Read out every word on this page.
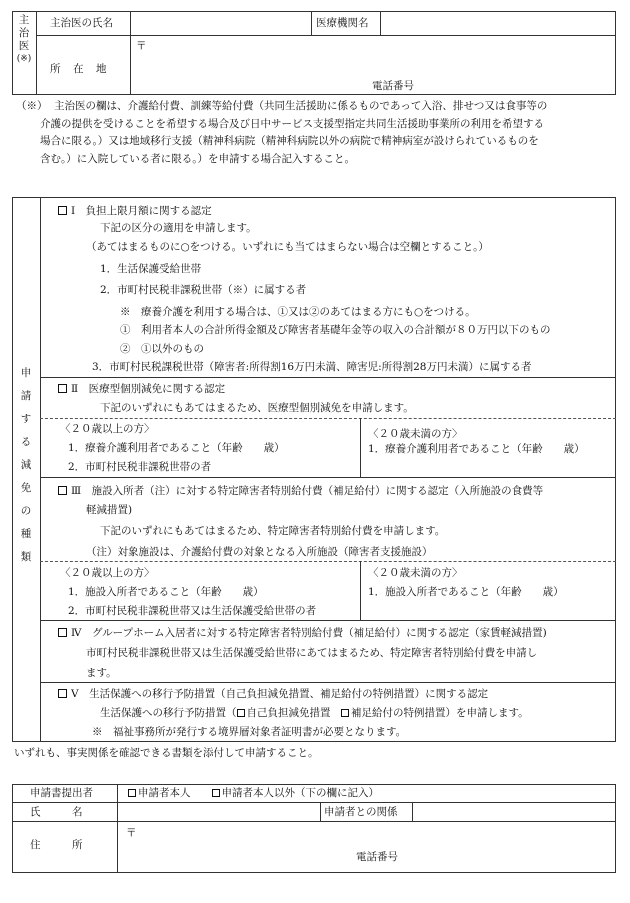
主
治
医
(※)
主治医の氏名	医療機関名
所　在　地
〒
電話番号
（※） 主治医の欄は、介護給付費、訓練等給付費（共同生活援助に係るものであって入浴、排せつ又は食事等の
介護の提供を受けることを希望する場合及び日中サービス支援型指定共同生活援助事業所の利用を希望する
場合に限る。）又は地域移行支援（精神科病院（精神科病院以外の病院で精神病室が設けられているものを
含む。）に入院している者に限る。）を申請する場合記入すること。
申
請
す
る
減
免
の
種
類
Ⅰ　負担上限月額に関する認定
下記の区分の適用を申請します。
（あてはまるものに○をつける。いずれにも当てはまらない場合は空欄とすること。）
1．生活保護受給世帯
2．市町村民税非課税世帯（※）に属する者
※　療養介護を利用する場合は、①又は②のあてはまる方にも○をつける。
①　利用者本人の合計所得金額及び障害者基礎年金等の収入の合計額が８０万円以下のもの
②　①以外のもの
3．市町村民税課税世帯（障害者:所得割16万円未満、障害児:所得割28万円未満）に属する者
Ⅱ　医療型個別減免に関する認定
下記のいずれにもあてはまるため、医療型個別減免を申請します。
〈２０歳以上の方〉
1．療養介護利用者であること（年齢　　歳）
2．市町村民税非課税世帯の者
〈２０歳未満の方〉
1．療養介護利用者であること（年齢　　歳）
Ⅲ　施設入所者（注）に対する特定障害者特別給付費（補足給付）に関する認定（入所施設の食費等
軽減措置)
下記のいずれにもあてはまるため、特定障害者特別給付費を申請します。
（注）対象施設は、介護給付費の対象となる入所施設（障害者支援施設）
〈２０歳以上の方〉
1．施設入所者であること（年齢　　歳）
2．市町村民税非課税世帯又は生活保護受給世帯の者
〈２０歳未満の方〉
1．施設入所者であること（年齢　　歳）
Ⅳ　グループホーム入居者に対する特定障害者特別給付費（補足給付）に関する認定（家賃軽減措置)
市町村民税非課税世帯又は生活保護受給世帯にあてはまるため、特定障害者特別給付費を申請し
ます。
Ⅴ　生活保護への移行予防措置（自己負担減免措置、補足給付の特例措置）に関する認定
生活保護への移行予防措置（ 自己負担減免措置　 補足給付の特例措置）を申請します。
※　福祉事務所が発行する境界層対象者証明書が必要となります。
いずれも、事実関係を確認できる書類を添付して申請すること。
申請書提出者	申請者本人　　	申請者本人以外（下の欄に記入）
氏　　　名	申請者との関係
住　　　所
〒
電話番号
